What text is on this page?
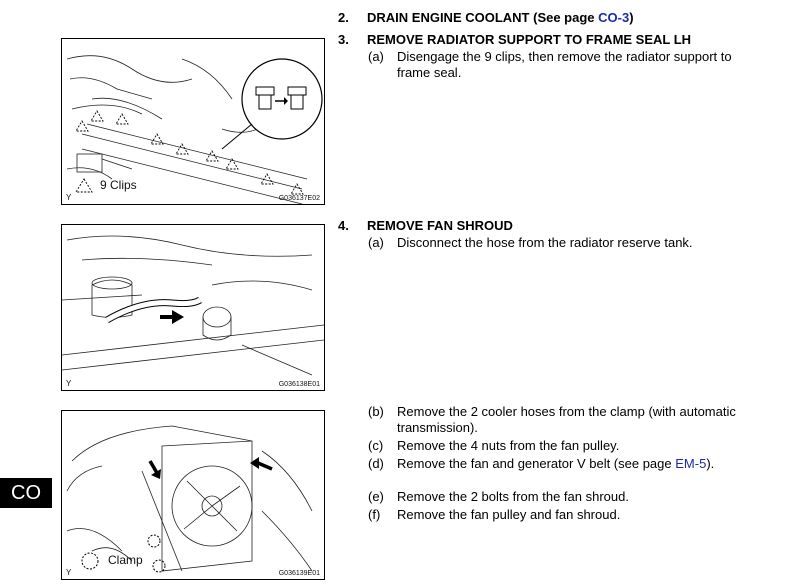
9 Clips
Y	G036137E02
Y	G036138E01
Clamp
Y	G036139E01
2. DRAIN ENGINE COOLANT (See page CO-3)
3. REMOVE RADIATOR SUPPORT TO FRAME SEAL LH
(a) Disengage the 9 clips, then remove the radiator support to frame seal.
4. REMOVE FAN SHROUD
(a) Disconnect the hose from the radiator reserve tank.
(b) Remove the 2 cooler hoses from the clamp (with automatic transmission).
(c) Remove the 4 nuts from the fan pulley.
(d) Remove the fan and generator V belt (see page EM-5).
(e) Remove the 2 bolts from the fan shroud.
(f) Remove the fan pulley and fan shroud.
CO
